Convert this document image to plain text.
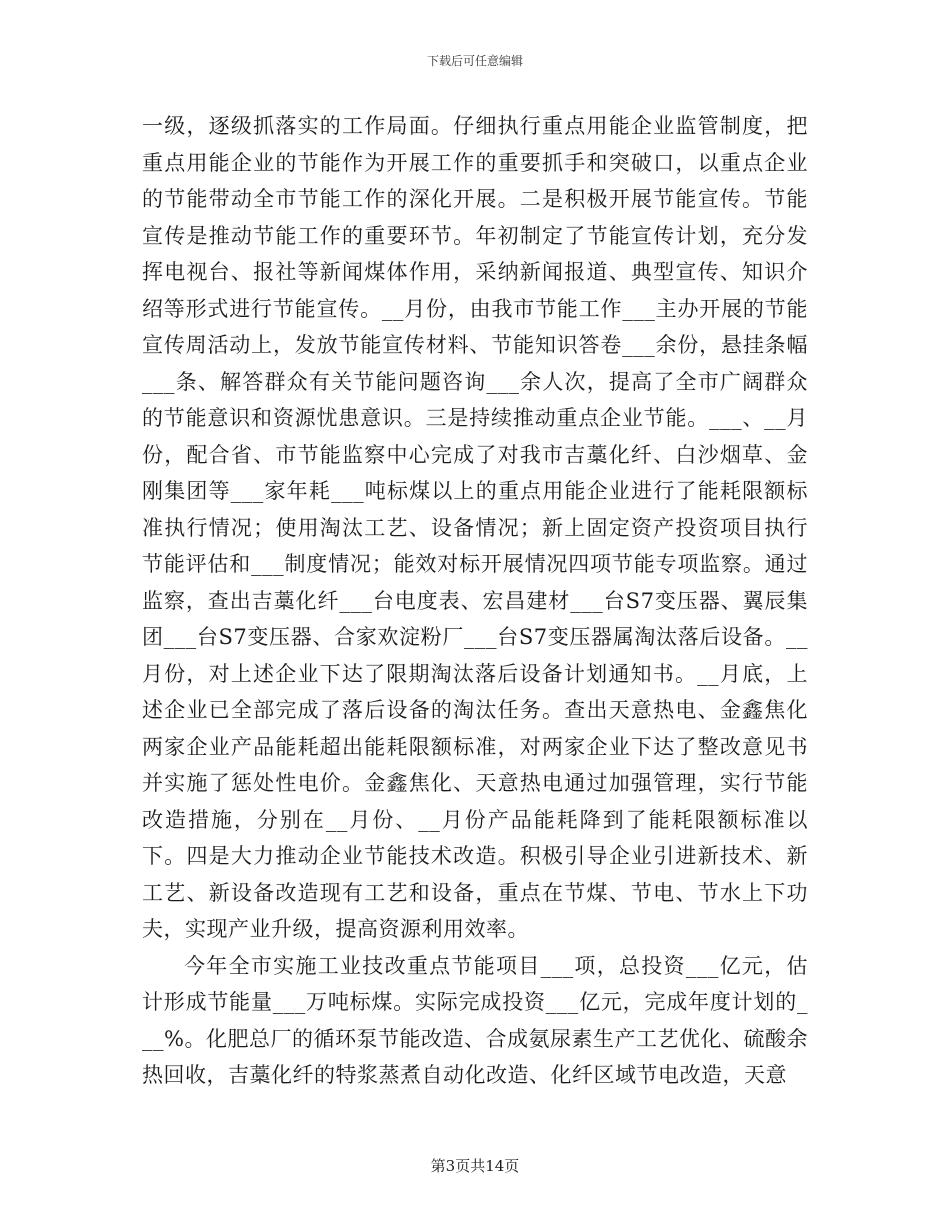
下载后可任意编辑

一级，逐级抓落实的工作局面。仔细执行重点用能企业监管制度，把重点用能企业的节能作为开展工作的重要抓手和突破口，以重点企业的节能带动全市节能工作的深化开展。二是积极开展节能宣传。节能宣传是推动节能工作的重要环节。年初制定了节能宣传计划，充分发挥电视台、报社等新闻煤体作用，采纳新闻报道、典型宣传、知识介绍等形式进行节能宣传。__月份，由我市节能工作___主办开展的节能宣传周活动上，发放节能宣传材料、节能知识答卷___余份，悬挂条幅___条、解答群众有关节能问题咨询___余人次，提高了全市广阔群众的节能意识和资源忧患意识。三是持续推动重点企业节能。___、__月份，配合省、市节能监察中心完成了对我市吉藁化纤、白沙烟草、金刚集团等___家年耗___吨标煤以上的重点用能企业进行了能耗限额标准执行情况；使用淘汰工艺、设备情况；新上固定资产投资项目执行节能评估和___制度情况；能效对标开展情况四项节能专项监察。通过监察，查出吉藁化纤___台电度表、宏昌建材___台S7变压器、翼辰集团___台S7变压器、合家欢淀粉厂___台S7变压器属淘汰落后设备。__月份，对上述企业下达了限期淘汰落后设备计划通知书。__月底，上述企业已全部完成了落后设备的淘汰任务。查出天意热电、金鑫焦化两家企业产品能耗超出能耗限额标准，对两家企业下达了整改意见书并实施了惩处性电价。金鑫焦化、天意热电通过加强管理，实行节能改造措施，分别在__月份、__月份产品能耗降到了能耗限额标准以下。四是大力推动企业节能技术改造。积极引导企业引进新技术、新工艺、新设备改造现有工艺和设备，重点在节煤、节电、节水上下功夫，实现产业升级，提高资源利用效率。

今年全市实施工业技改重点节能项目___项，总投资___亿元，估计形成节能量___万吨标煤。实际完成投资___亿元，完成年度计划的___%。化肥总厂的循环泵节能改造、合成氨尿素生产工艺优化、硫酸余热回收，吉藁化纤的特浆蒸煮自动化改造、化纤区域节电改造，天意

第3页共14页
